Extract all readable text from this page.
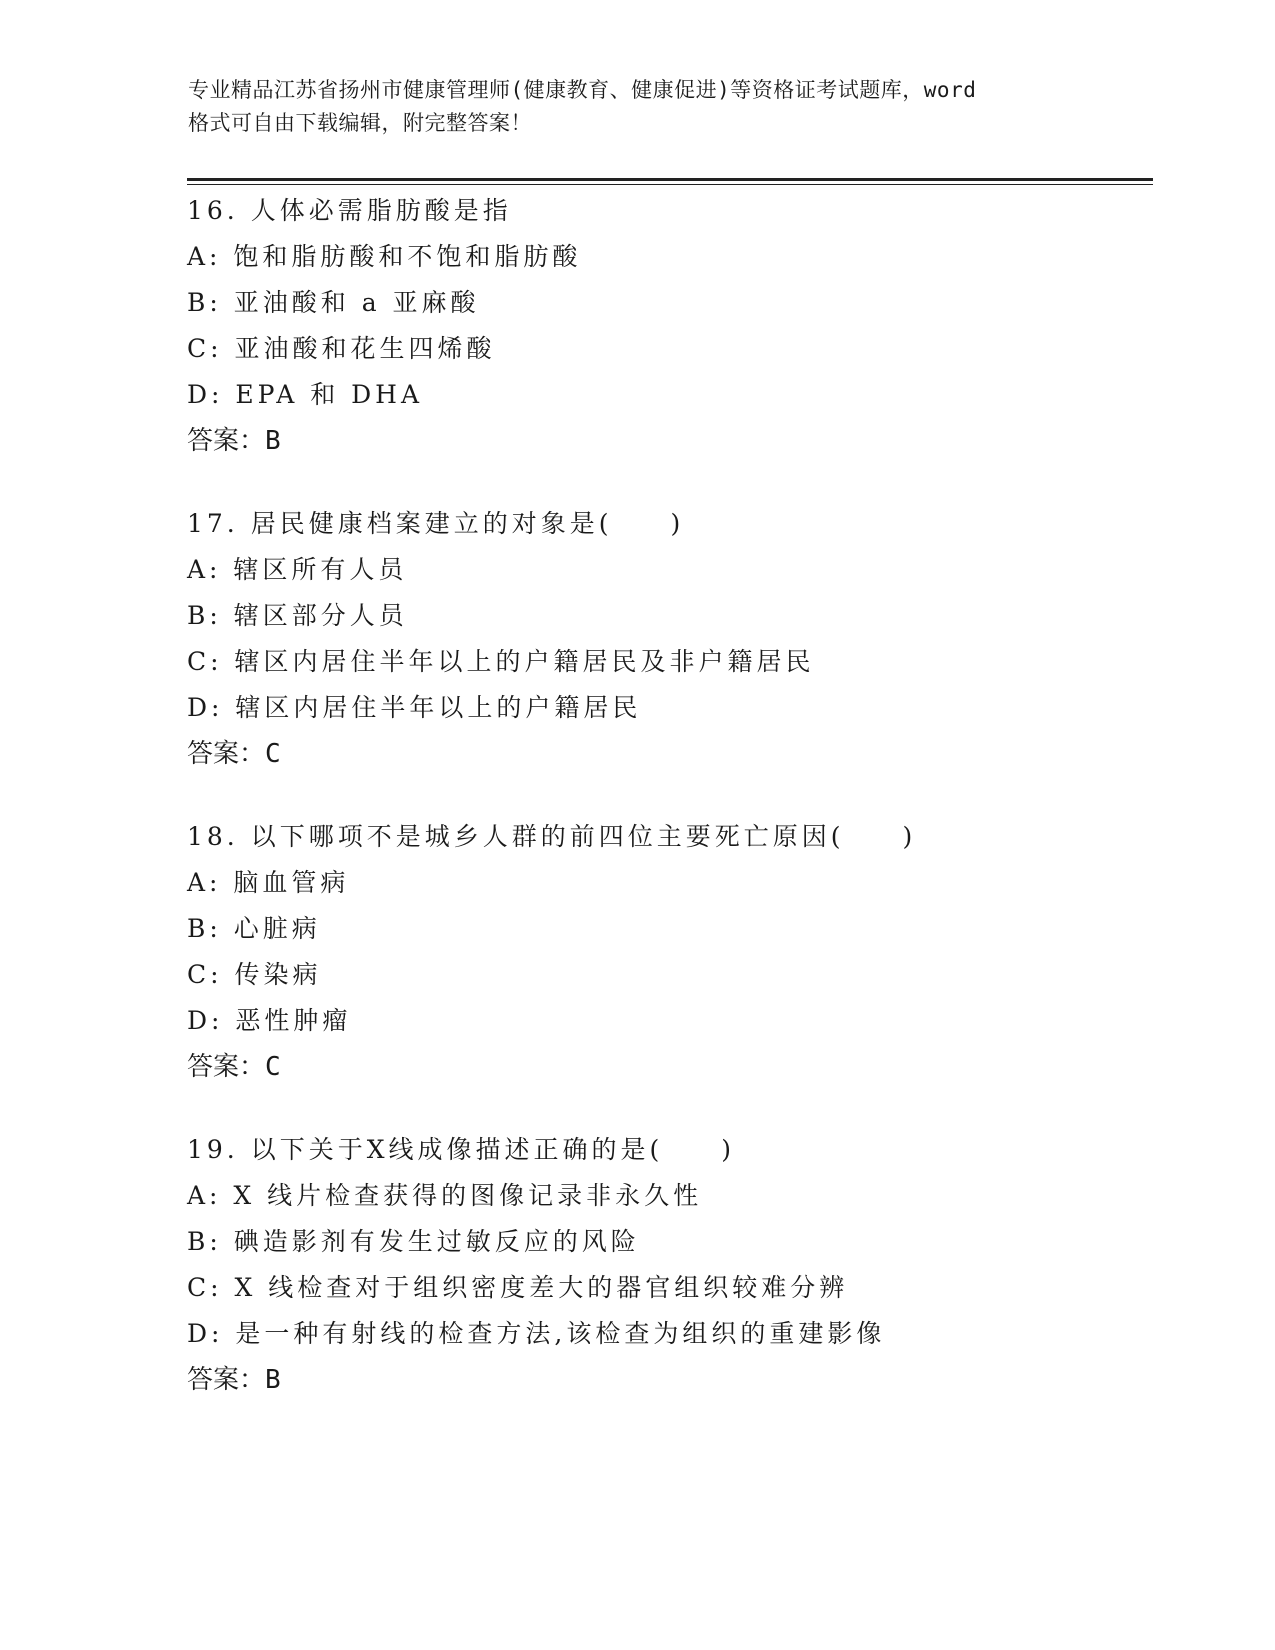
专业精品江苏省扬州市健康管理师(健康教育、健康促进)等资格证考试题库，word
格式可自由下载编辑，附完整答案！
16. 人体必需脂肪酸是指
A: 饱和脂肪酸和不饱和脂肪酸
B: 亚油酸和 a 亚麻酸
C: 亚油酸和花生四烯酸
D: EPA 和 DHA
答案：B
17. 居民健康档案建立的对象是(　　)
A: 辖区所有人员
B: 辖区部分人员
C: 辖区内居住半年以上的户籍居民及非户籍居民
D: 辖区内居住半年以上的户籍居民
答案：C
18. 以下哪项不是城乡人群的前四位主要死亡原因(　　)
A: 脑血管病
B: 心脏病
C: 传染病
D: 恶性肿瘤
答案：C
19. 以下关于X线成像描述正确的是(　　)
A: X 线片检查获得的图像记录非永久性
B: 碘造影剂有发生过敏反应的风险
C: X 线检查对于组织密度差大的器官组织较难分辨
D: 是一种有射线的检查方法,该检查为组织的重建影像
答案：B
